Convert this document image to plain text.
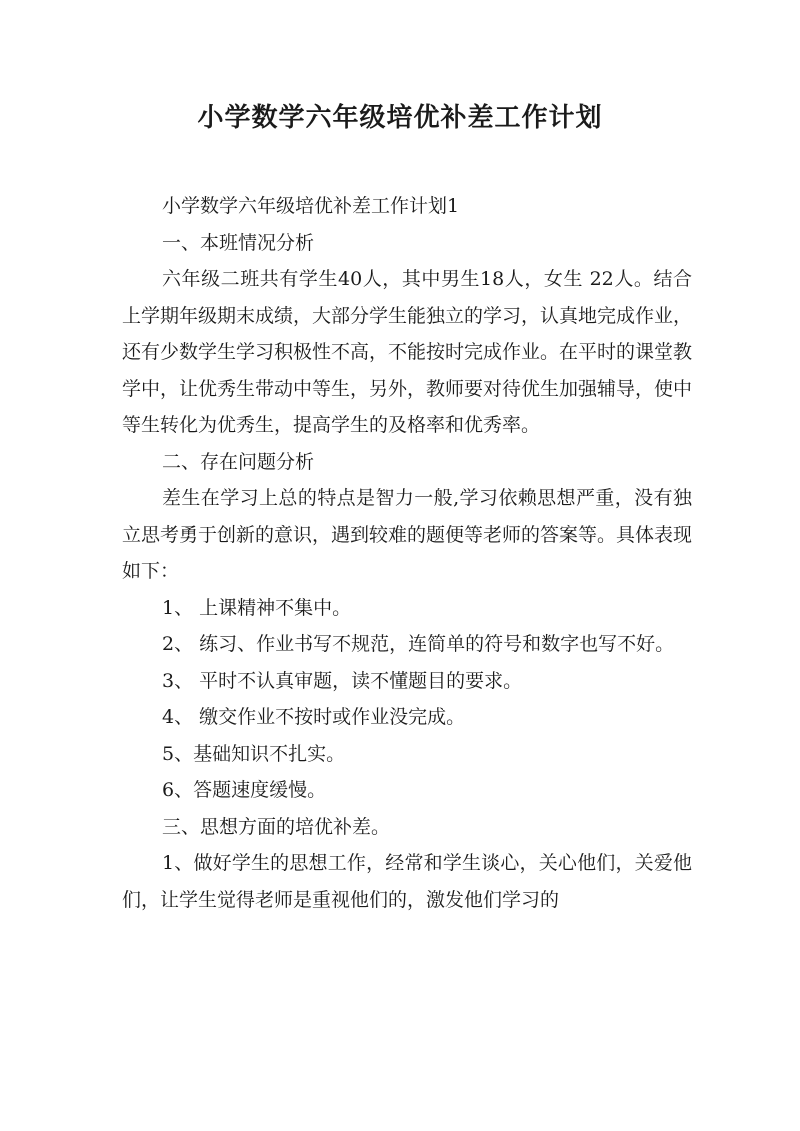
小学数学六年级培优补差工作计划

小学数学六年级培优补差工作计划1

一、本班情况分析

六年级二班共有学生40人，其中男生18人，女生 22人。结合上学期年级期末成绩，大部分学生能独立的学习，认真地完成作业，还有少数学生学习积极性不高，不能按时完成作业。在平时的课堂教学中，让优秀生带动中等生，另外，教师要对待优生加强辅导，使中等生转化为优秀生，提高学生的及格率和优秀率。

二、存在问题分析

差生在学习上总的特点是智力一般,学习依赖思想严重，没有独立思考勇于创新的意识，遇到较难的题便等老师的答案等。具体表现如下：

1、 上课精神不集中。

2、 练习、作业书写不规范，连简单的符号和数字也写不好。

3、 平时不认真审题，读不懂题目的要求。

4、 缴交作业不按时或作业没完成。

5、基础知识不扎实。

6、答题速度缓慢。

三、思想方面的培优补差。

1、做好学生的思想工作，经常和学生谈心，关心他们，关爱他们，让学生觉得老师是重视他们的，激发他们学习的
